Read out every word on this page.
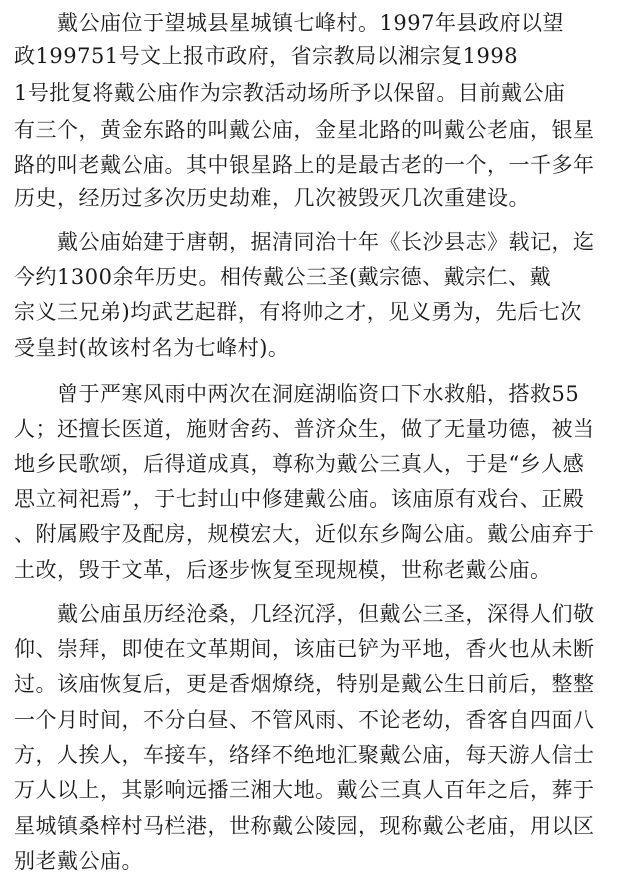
　　戴公庙位于望城县星城镇七峰村。1997年县政府以望
政199751号文上报市政府，省宗教局以湘宗复1998
1号批复将戴公庙作为宗教活动场所予以保留。目前戴公庙
有三个，黄金东路的叫戴公庙，金星北路的叫戴公老庙，银星
路的叫老戴公庙。其中银星路上的是最古老的一个，一千多年
历史，经历过多次历史劫难，几次被毁灭几次重建设。
　　戴公庙始建于唐朝，据清同治十年《长沙县志》载记，迄
今约1300余年历史。相传戴公三圣(戴宗德、戴宗仁、戴
宗义三兄弟)均武艺起群，有将帅之才，见义勇为，先后七次
受皇封(故该村名为七峰村)。
　　曾于严寒风雨中两次在洞庭湖临资口下水救船，搭救55
人；还擅长医道，施财舍药、普济众生，做了无量功德，被当
地乡民歌颂，后得道成真，尊称为戴公三真人，于是“乡人感
思立祠祀焉”，于七封山中修建戴公庙。该庙原有戏台、正殿
、附属殿宇及配房，规模宏大，近似东乡陶公庙。戴公庙弃于
土改，毁于文革，后逐步恢复至现规模，世称老戴公庙。
　　戴公庙虽历经沧桑，几经沉浮，但戴公三圣，深得人们敬
仰、崇拜，即使在文革期间，该庙已铲为平地，香火也从未断
过。该庙恢复后，更是香烟燎绕，特别是戴公生日前后，整整
一个月时间，不分白昼、不管风雨、不论老幼，香客自四面八
方，人挨人，车接车，络绎不绝地汇聚戴公庙，每天游人信士
万人以上，其影响远播三湘大地。戴公三真人百年之后，葬于
星城镇桑梓村马栏港，世称戴公陵园，现称戴公老庙，用以区
别老戴公庙。
